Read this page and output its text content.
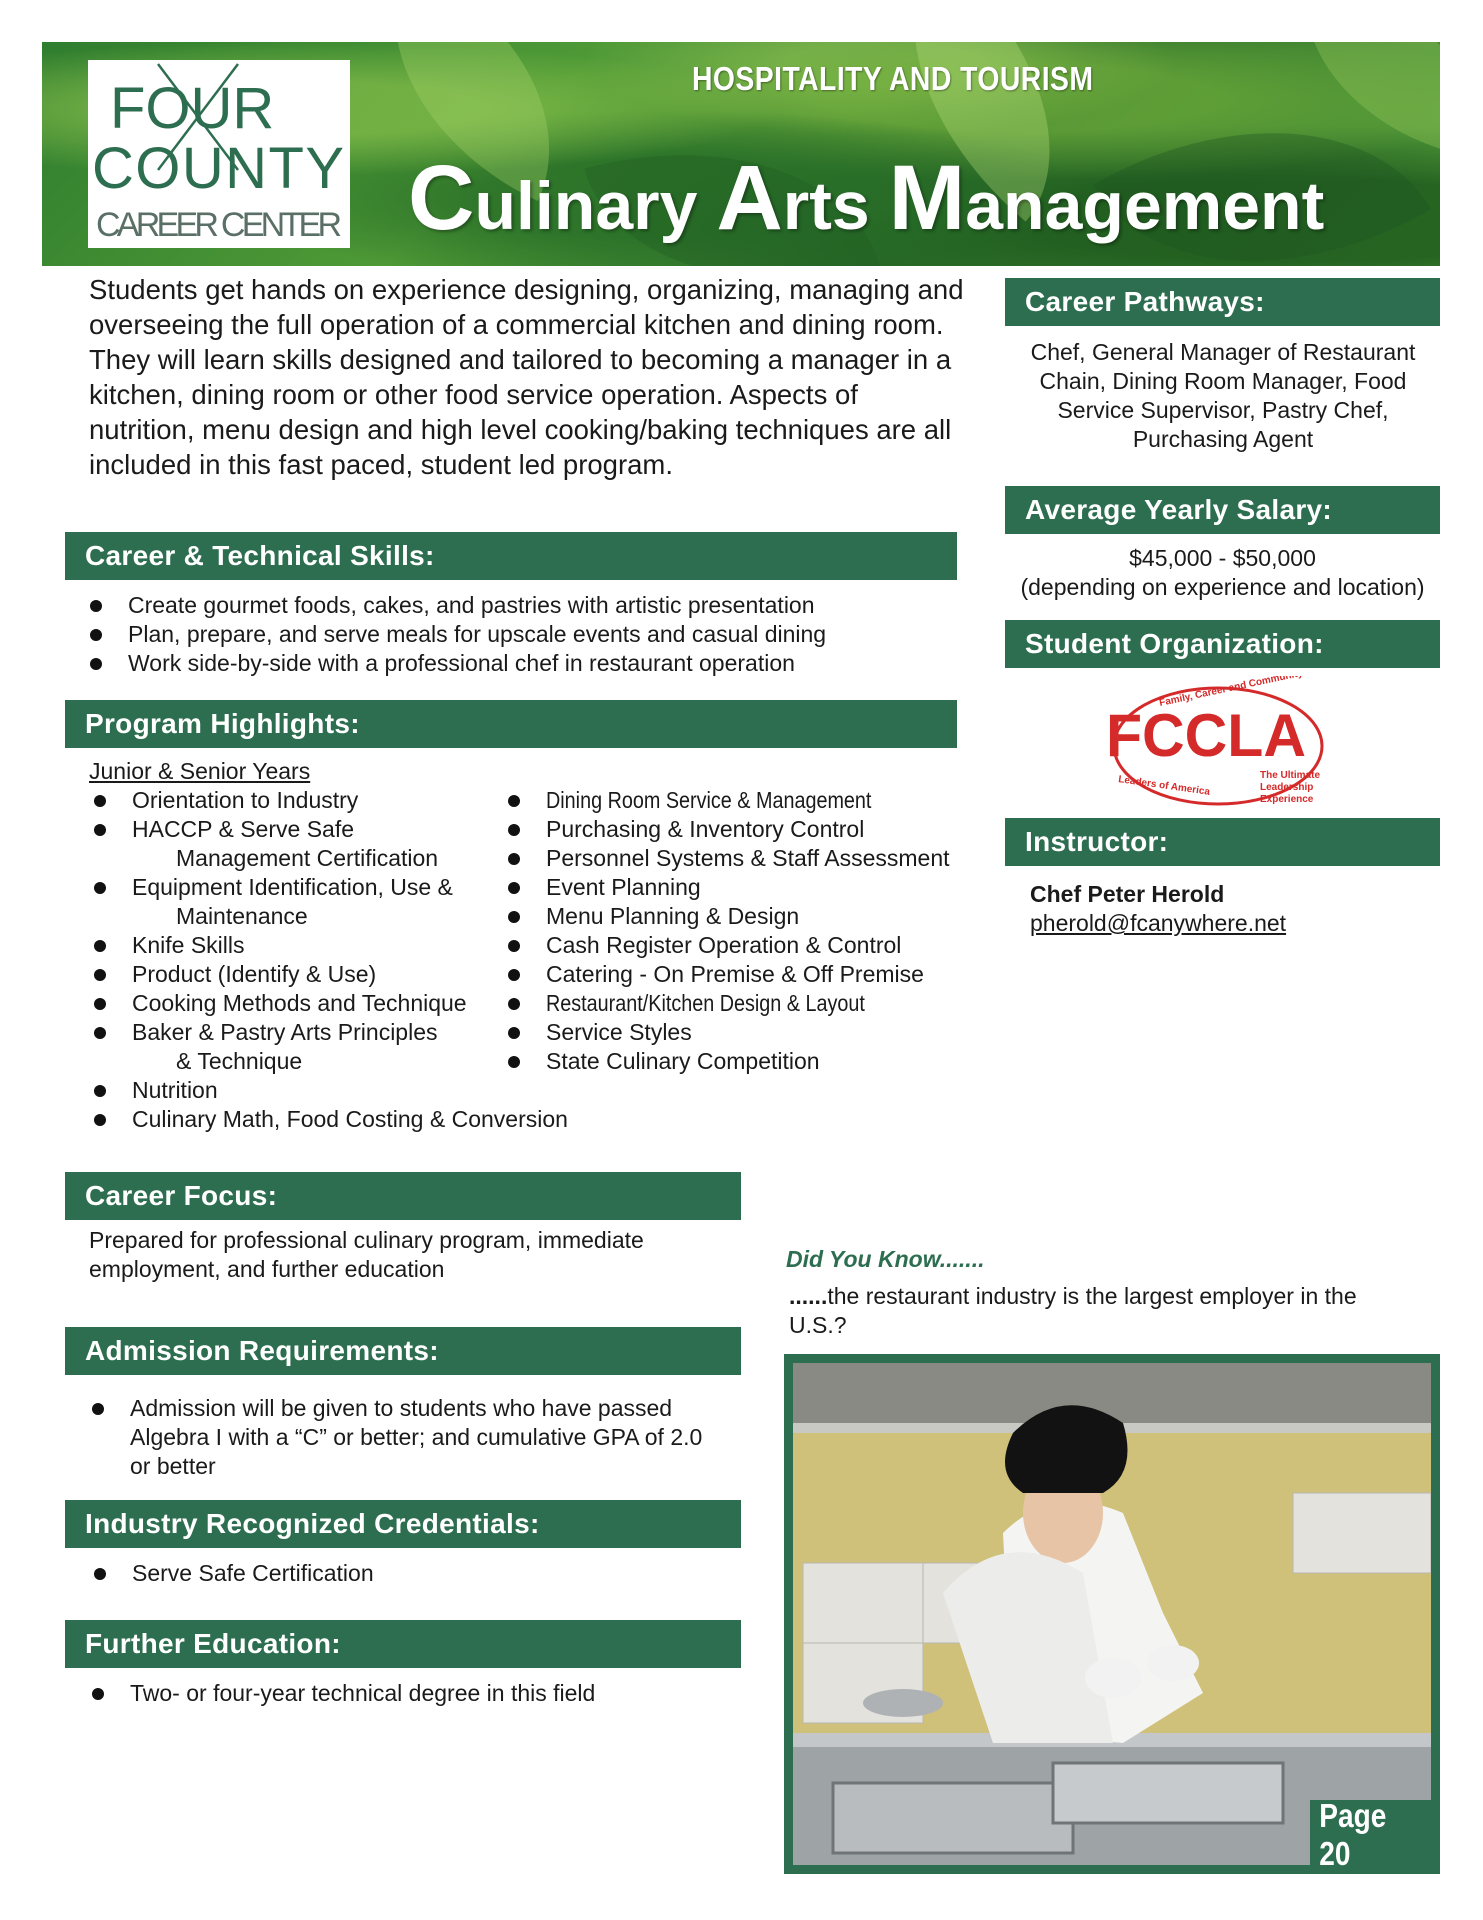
FOUR
COUNTY
CAREER CENTER
HOSPITALITY AND TOURISM
Culinary Arts Management
Students get hands on experience designing, organizing, managing and overseeing the full operation of a commercial kitchen and dining room. They will learn skills designed and tailored to becoming a manager in a kitchen, dining room or other food service operation. Aspects of nutrition, menu design and high level cooking/baking techniques are all included in this fast paced, student led program.
Career & Technical Skills:
Create gourmet foods, cakes, and pastries with artistic presentation
Plan, prepare, and serve meals for upscale events and casual dining
Work side-by-side with a professional chef in restaurant operation
Program Highlights:
Junior & Senior Years
Orientation to Industry
HACCP & Serve Safe
Management Certification
Equipment Identification, Use &
Maintenance
Knife Skills
Product (Identify & Use)
Cooking Methods and Technique
Baker & Pastry Arts Principles
& Technique
Nutrition
Culinary Math, Food Costing & Conversion
Dining Room Service & Management
Purchasing & Inventory Control
Personnel Systems & Staff Assessment
Event Planning
Menu Planning & Design
Cash Register Operation & Control
Catering - On Premise & Off Premise
Restaurant/Kitchen Design & Layout
Service Styles
State Culinary Competition
Career Focus:
Prepared for professional culinary program, immediate employment, and further education
Admission Requirements:
Admission will be given to students who have passed Algebra I with a “C” or better; and cumulative GPA of 2.0 or better
Industry Recognized Credentials:
Serve Safe Certification
Further Education:
Two- or four-year technical degree in this field
Career Pathways:
Chef, General Manager of Restaurant Chain, Dining Room Manager, Food Service Supervisor, Pastry Chef, Purchasing Agent
Average Yearly Salary:
$45,000 - $50,000
(depending on experience and location)
Student Organization:
Family, Career and Community
FCCLA
Leaders of America	The Ultimate
Leadership
Experience
Instructor:
Chef Peter Herold
pherold@fcanywhere.net
Did You Know.......
......the restaurant industry is the largest employer in the U.S.?
Page 20
